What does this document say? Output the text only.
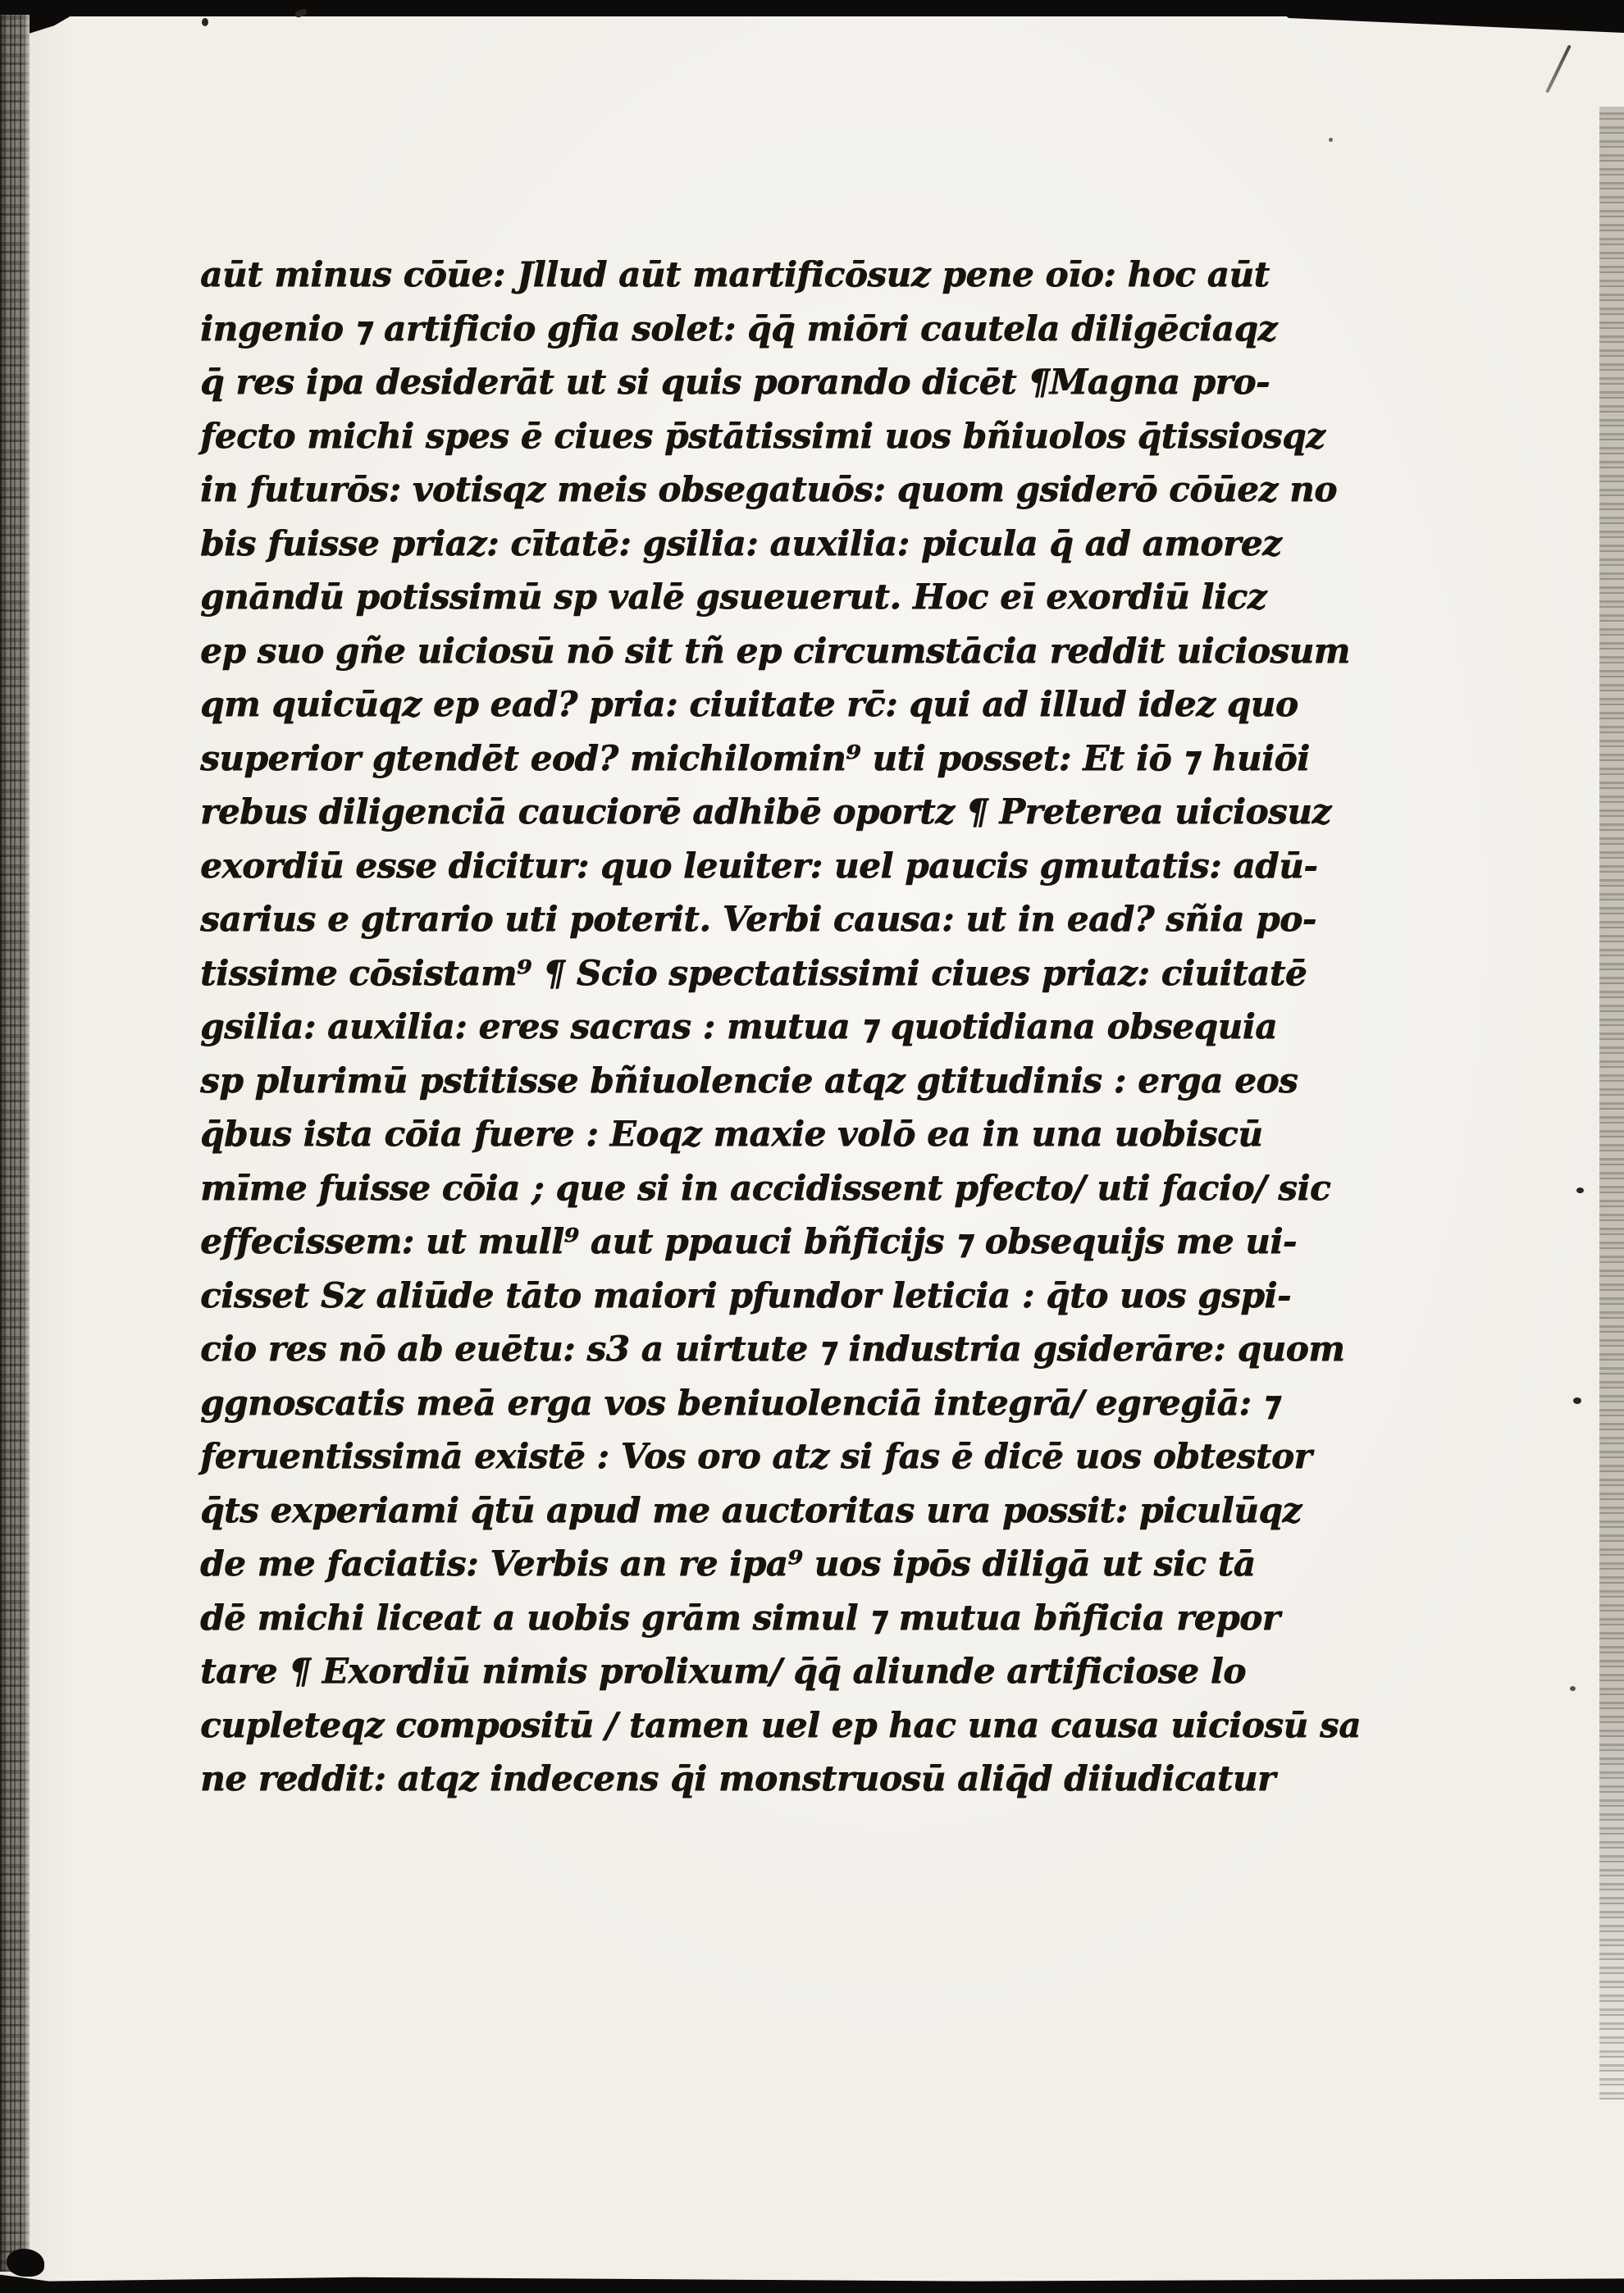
aūt minus cōūe: Jllud aūt martificōsuz pene oīo: hoc aūt
ingenio ⁊ artificio gfia solet: q̄q̄ miōri cautela diligēciaqz
q̄ res ipa desiderāt ut si quis porando dicēt ¶Magna pro-
fecto michi spes ē ciues p̄stātissimi uos bñiuolos q̄tissiosqz
in futurōs: votisqz meis obsegatuōs: quom gsiderō cōūez no
bis fuisse priaz: cītatē: gsilia: auxilia: picula q̄ ad amorez
gnāndū potissimū sp valē gsueuerut. Hoc eī exordiū licz
ep suo gñe uiciosū nō sit tñ ep circumstācia reddit uiciosum
qm quicūqz ep ead? pria: ciuitate rc̄: qui ad illud idez quo
superior gtendēt eod? michilomin⁹ uti posset: Et iō ⁊ huiōi
rebus diligenciā cauciorē adhibē oportz ¶ Preterea uiciosuz
exordiū esse dicitur: quo leuiter: uel paucis gmutatis: adū-
sarius e gtrario uti poterit. Verbi causa: ut in ead? sñia po-
tissime cōsistam⁹ ¶ Scio spectatissimi ciues priaz: ciuitatē
gsilia: auxilia: eres sacras : mutua ⁊ quotidiana obsequia
sp plurimū pstitisse bñiuolencie atqz gtitudinis : erga eos
q̄bus ista cōia fuere : Eoqz maxie volō ea in una uobiscū
mīme fuisse cōia ; que si in accidissent pfecto/ uti facio/ sic
effecissem: ut mull⁹ aut ppauci bñficijs ⁊ obsequijs me ui-
cisset Sz aliūde tāto maiori pfundor leticia : q̄to uos gspi-
cio res nō ab euētu: s3 a uirtute ⁊ industria gsiderāre: quom
ggnoscatis meā erga vos beniuolenciā integrā/ egregiā: ⁊
feruentissimā existē : Vos oro atz si fas ē dicē uos obtestor
q̄ts experiami q̄tū apud me auctoritas ura possit: piculūqz
de me faciatis: Verbis an re ipa⁹ uos ipōs diligā ut sic tā
dē michi liceat a uobis grām simul ⁊ mutua bñficia repor
tare ¶ Exordiū nimis prolixum/ q̄q̄ aliunde artificiose lo
cupleteqz compositū / tamen uel ep hac una causa uiciosū sa
ne reddit: atqz indecens q̄i monstruosū aliq̄d diiudicatur
